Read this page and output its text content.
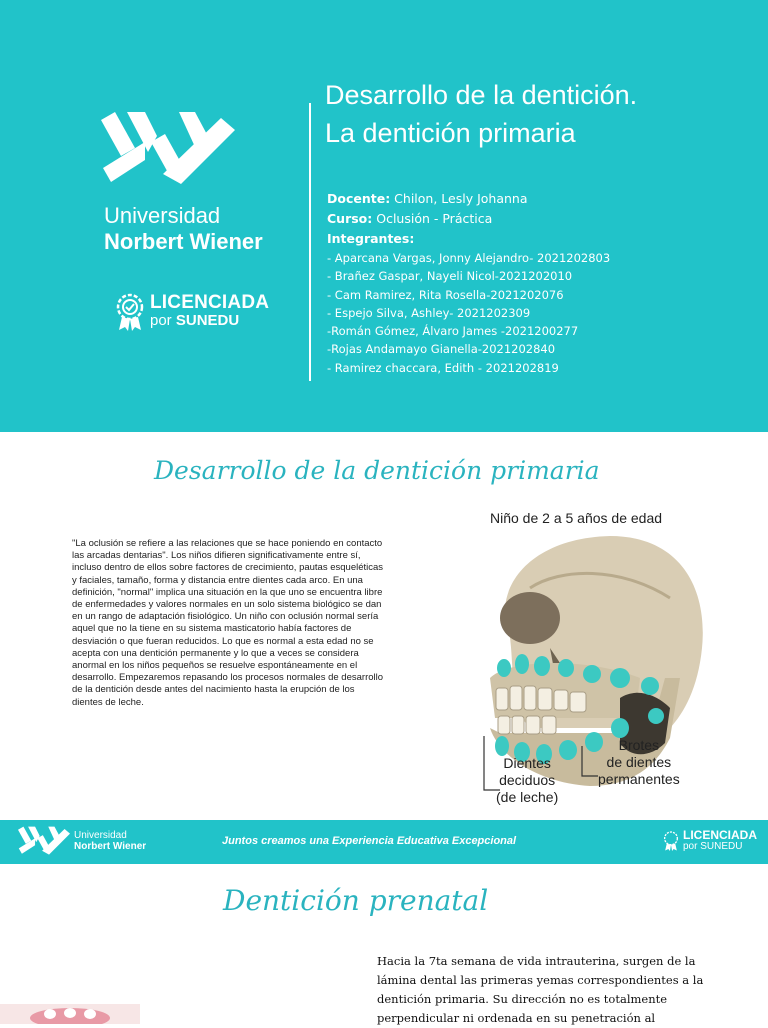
Universidad
Norbert Wiener
LICENCIADA
por SUNEDU
Desarrollo de la dentición.
La dentición primaria
Docente: Chilon, Lesly Johanna
Curso: Oclusión - Práctica
Integrantes:
- Aparcana Vargas, Jonny Alejandro- 2021202803
- Brañez Gaspar, Nayeli Nicol-2021202010
- Cam Ramirez, Rita Rosella-2021202076
- Espejo Silva, Ashley- 2021202309
-Román Gómez, Álvaro James -2021200277
-Rojas Andamayo Gianella-2021202840
- Ramirez chaccara, Edith - 2021202819
Desarrollo de la dentición primaria
"La oclusión se refiere a las relaciones que se hace poniendo en contacto las arcadas dentarias". Los niños difieren significativamente entre sí, incluso dentro de ellos sobre factores de crecimiento, pautas esqueléticas y faciales, tamaño, forma y distancia entre dientes cada arco. En una definición, "normal" implica una situación en la que uno se encuentra libre de enfermedades y valores normales en un solo sistema biológico se dan en un rango de adaptación fisiológico. Un niño con oclusión normal sería aquel que no la tiene en su sistema masticatorio había factores de desviación o que fueran reducidos. Lo que es normal a esta edad no se acepta con una dentición permanente y lo que a veces se considera anormal en los niños pequeños se resuelve espontáneamente en el desarrollo. Empezaremos repasando los procesos normales de desarrollo de la dentición desde antes del nacimiento hasta la erupción de los dientes de leche.
Niño de 2 a 5 años de edad
Dientes
deciduos
(de leche)
Brotes
de dientes
permanentes
Universidad
Norbert Wiener	Juntos creamos una Experiencia Educativa Excepcional	LICENCIADA
por SUNEDU
Dentición prenatal
Hacia la 7ta semana de vida intrauterina, surgen de la lámina dental las primeras yemas correspondientes a la dentición primaria. Su dirección no es totalmente perpendicular ni ordenada en su penetración al
